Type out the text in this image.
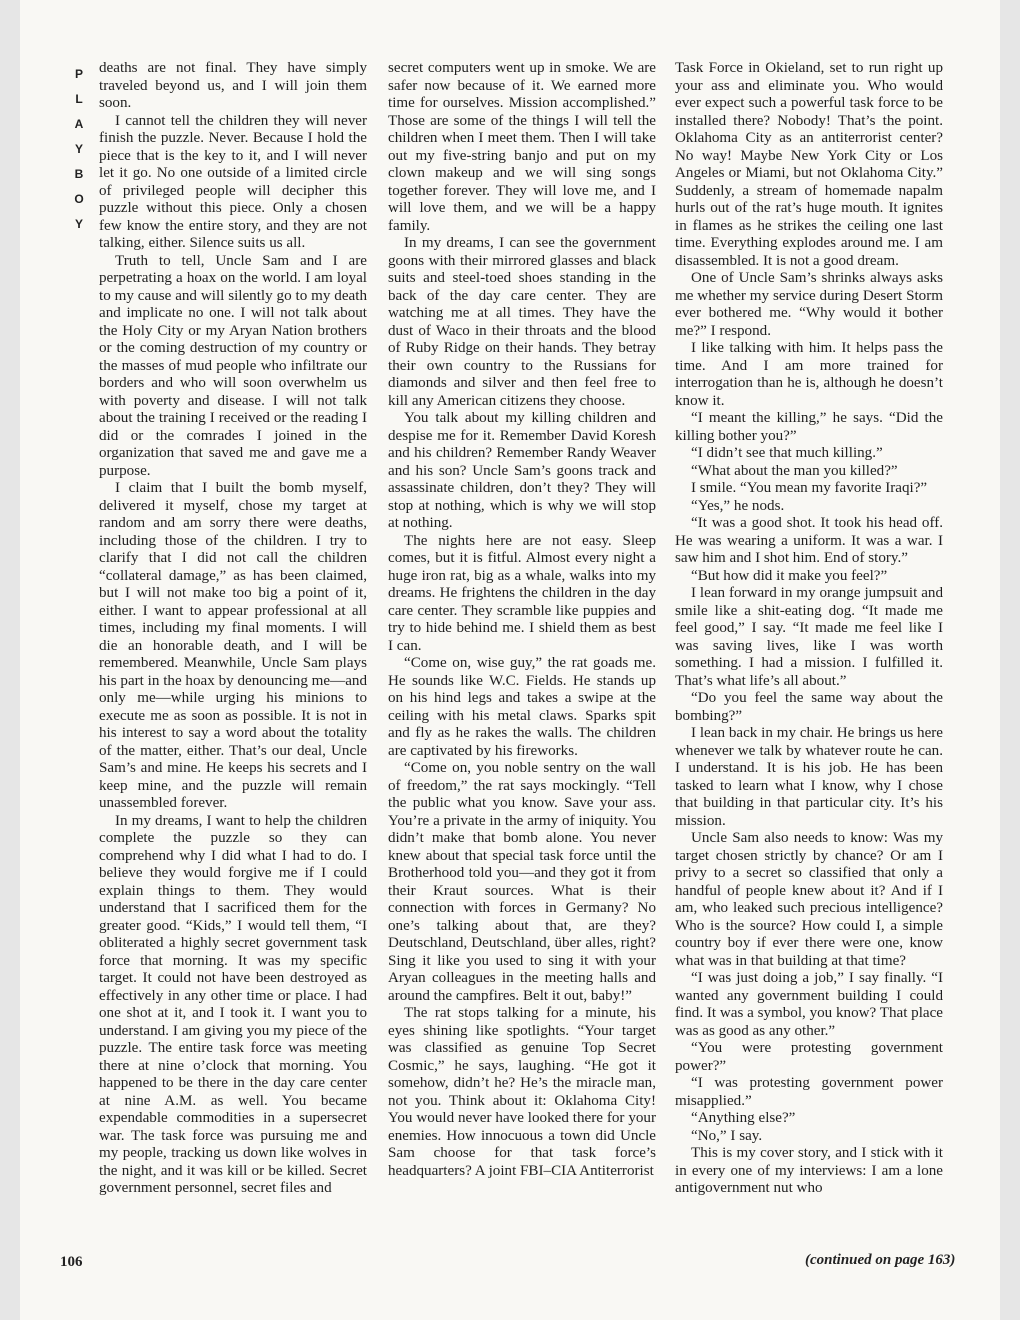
P
L
A
Y
B
O
Y

deaths are not final. They have simply traveled beyond us, and I will join them soon.

I cannot tell the children they will never finish the puzzle. Never. Because I hold the piece that is the key to it, and I will never let it go. No one outside of a limited circle of privileged people will decipher this puzzle without this piece. Only a chosen few know the entire story, and they are not talking, either. Silence suits us all.

Truth to tell, Uncle Sam and I are perpetrating a hoax on the world. I am loyal to my cause and will silently go to my death and implicate no one. I will not talk about the Holy City or my Aryan Nation brothers or the coming destruction of my country or the masses of mud people who infiltrate our borders and who will soon overwhelm us with poverty and disease. I will not talk about the training I received or the reading I did or the comrades I joined in the organization that saved me and gave me a purpose.

I claim that I built the bomb myself, delivered it myself, chose my target at random and am sorry there were deaths, including those of the children. I try to clarify that I did not call the children “collateral damage,” as has been claimed, but I will not make too big a point of it, either. I want to appear professional at all times, including my final moments. I will die an honorable death, and I will be remembered. Meanwhile, Uncle Sam plays his part in the hoax by denouncing me—and only me—while urging his minions to execute me as soon as possible. It is not in his interest to say a word about the totality of the matter, either. That’s our deal, Uncle Sam’s and mine. He keeps his secrets and I keep mine, and the puzzle will remain unassembled forever.

In my dreams, I want to help the children complete the puzzle so they can comprehend why I did what I had to do. I believe they would forgive me if I could explain things to them. They would understand that I sacrificed them for the greater good. “Kids,” I would tell them, “I obliterated a highly secret government task force that morning. It was my specific target. It could not have been destroyed as effectively in any other time or place. I had one shot at it, and I took it. I want you to understand. I am giving you my piece of the puzzle. The entire task force was meeting there at nine o’clock that morning. You happened to be there in the day care center at nine A.M. as well. You became expendable commodities in a supersecret war. The task force was pursuing me and my people, tracking us down like wolves in the night, and it was kill or be killed. Secret government personnel, secret files and

secret computers went up in smoke. We are safer now because of it. We earned more time for ourselves. Mission accomplished.” Those are some of the things I will tell the children when I meet them. Then I will take out my five-string banjo and put on my clown makeup and we will sing songs together forever. They will love me, and I will love them, and we will be a happy family.

In my dreams, I can see the government goons with their mirrored glasses and black suits and steel-toed shoes standing in the back of the day care center. They are watching me at all times. They have the dust of Waco in their throats and the blood of Ruby Ridge on their hands. They betray their own country to the Russians for diamonds and silver and then feel free to kill any American citizens they choose.

You talk about my killing children and despise me for it. Remember David Koresh and his children? Remember Randy Weaver and his son? Uncle Sam’s goons track and assassinate children, don’t they? They will stop at nothing, which is why we will stop at nothing.

The nights here are not easy. Sleep comes, but it is fitful. Almost every night a huge iron rat, big as a whale, walks into my dreams. He frightens the children in the day care center. They scramble like puppies and try to hide behind me. I shield them as best I can.

“Come on, wise guy,” the rat goads me. He sounds like W.C. Fields. He stands up on his hind legs and takes a swipe at the ceiling with his metal claws. Sparks spit and fly as he rakes the walls. The children are captivated by his fireworks.

“Come on, you noble sentry on the wall of freedom,” the rat says mockingly. “Tell the public what you know. Save your ass. You’re a private in the army of iniquity. You didn’t make that bomb alone. You never knew about that special task force until the Brotherhood told you—and they got it from their Kraut sources. What is their connection with forces in Germany? No one’s talking about that, are they? Deutschland, Deutschland, über alles, right? Sing it like you used to sing it with your Aryan colleagues in the meeting halls and around the campfires. Belt it out, baby!”

The rat stops talking for a minute, his eyes shining like spotlights. “Your target was classified as genuine Top Secret Cosmic,” he says, laughing. “He got it somehow, didn’t he? He’s the miracle man, not you. Think about it: Oklahoma City! You would never have looked there for your enemies. How innocuous a town did Uncle Sam choose for that task force’s headquarters? A joint FBI–CIA Antiterrorist

Task Force in Okieland, set to run right up your ass and eliminate you. Who would ever expect such a powerful task force to be installed there? Nobody! That’s the point. Oklahoma City as an antiterrorist center? No way! Maybe New York City or Los Angeles or Miami, but not Oklahoma City.” Suddenly, a stream of homemade napalm hurls out of the rat’s huge mouth. It ignites in flames as he strikes the ceiling one last time. Everything explodes around me. I am disassembled. It is not a good dream.

One of Uncle Sam’s shrinks always asks me whether my service during Desert Storm ever bothered me. “Why would it bother me?” I respond.

I like talking with him. It helps pass the time. And I am more trained for interrogation than he is, although he doesn’t know it.

“I meant the killing,” he says. “Did the killing bother you?”

“I didn’t see that much killing.”

“What about the man you killed?”

I smile. “You mean my favorite Iraqi?”

“Yes,” he nods.

“It was a good shot. It took his head off. He was wearing a uniform. It was a war. I saw him and I shot him. End of story.”

“But how did it make you feel?”

I lean forward in my orange jumpsuit and smile like a shit-eating dog. “It made me feel good,” I say. “It made me feel like I was saving lives, like I was worth something. I had a mission. I fulfilled it. That’s what life’s all about.”

“Do you feel the same way about the bombing?”

I lean back in my chair. He brings us here whenever we talk by whatever route he can. I understand. It is his job. He has been tasked to learn what I know, why I chose that building in that particular city. It’s his mission.

Uncle Sam also needs to know: Was my target chosen strictly by chance? Or am I privy to a secret so classified that only a handful of people knew about it? And if I am, who leaked such precious intelligence? Who is the source? How could I, a simple country boy if ever there were one, know what was in that building at that time?

“I was just doing a job,” I say finally. “I wanted any government building I could find. It was a symbol, you know? That place was as good as any other.”

“You were protesting government power?”

“I was protesting government power misapplied.”

“Anything else?”

“No,” I say.

This is my cover story, and I stick with it in every one of my interviews: I am a lone antigovernment nut who

106	(continued on page 163)
